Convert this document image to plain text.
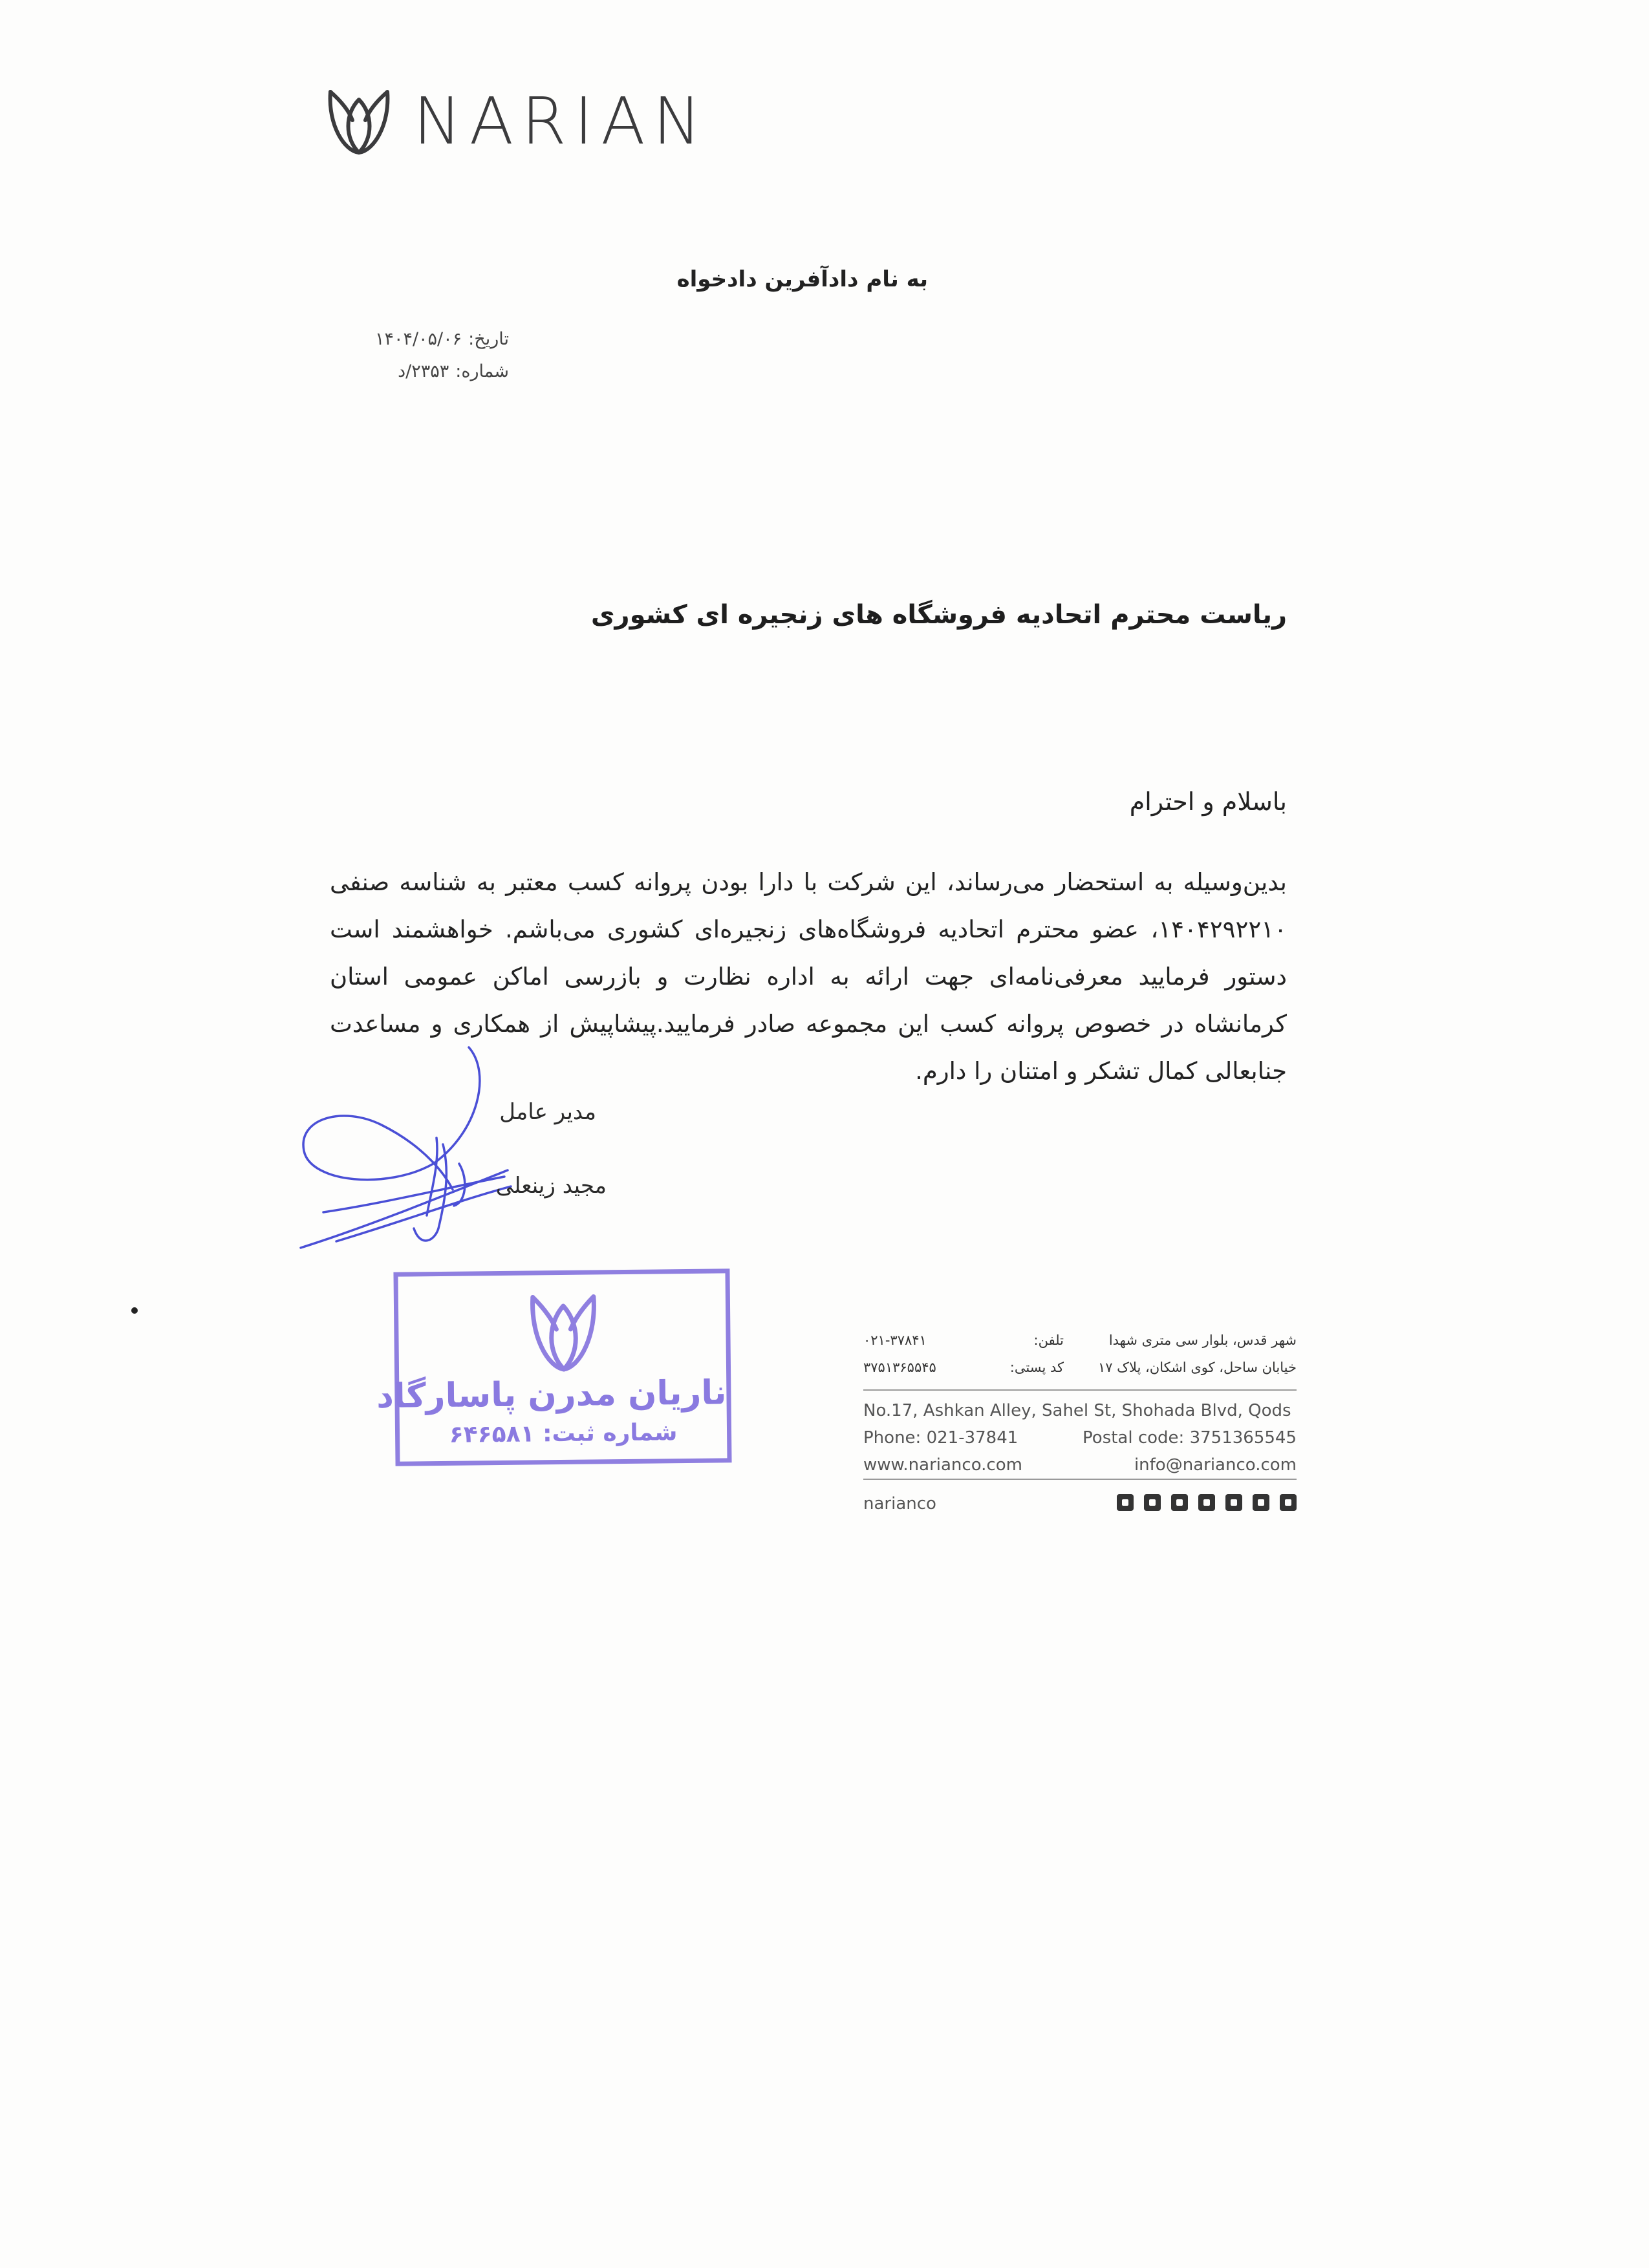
NARIAN
به نام دادآفرین دادخواه
تاریخ:۱۴۰۴/۰۵/۰۶
شماره:۲۳۵۳/د
ریاست محترم اتحادیه فروشگاه های زنجیره ای کشوری
باسلام و احترام

بدین‌وسیله به استحضار می‌رساند، این شرکت با دارا بودن پروانه کسب معتبر به شناسه صنفی ۱۴۰۴۲۹۲۲۱۰، عضو محترم اتحادیه فروشگاه‌های زنجیره‌ای کشوری می‌باشم. خواهشمند است دستور فرمایید معرفی‌نامه‌ای جهت ارائه به اداره نظارت و بازرسی اماکن عمومی استان کرمانشاه در خصوص پروانه کسب این مجموعه صادر فرمایید.پیشاپیش از همکاری و مساعدت جنابعالی کمال تشکر و امتنان را دارم.

مدیر عامل
مجید زینعلی
ناریان مدرن پاسارگاد
شماره ثبت: ۶۴۶۵۸۱
شهر قدس، بلوار سی متری شهدا
تلفن:
۰۲۱-۳۷۸۴۱
خیابان ساحل، کوی اشکان، پلاک ۱۷
کد پستی:
۳۷۵۱۳۶۵۵۴۵
No.17, Ashkan Alley, Sahel St, Shohada Blvd, Qods
Phone: 021-37841	Postal code: 3751365545
www.narianco.com	info@narianco.com
narianco
